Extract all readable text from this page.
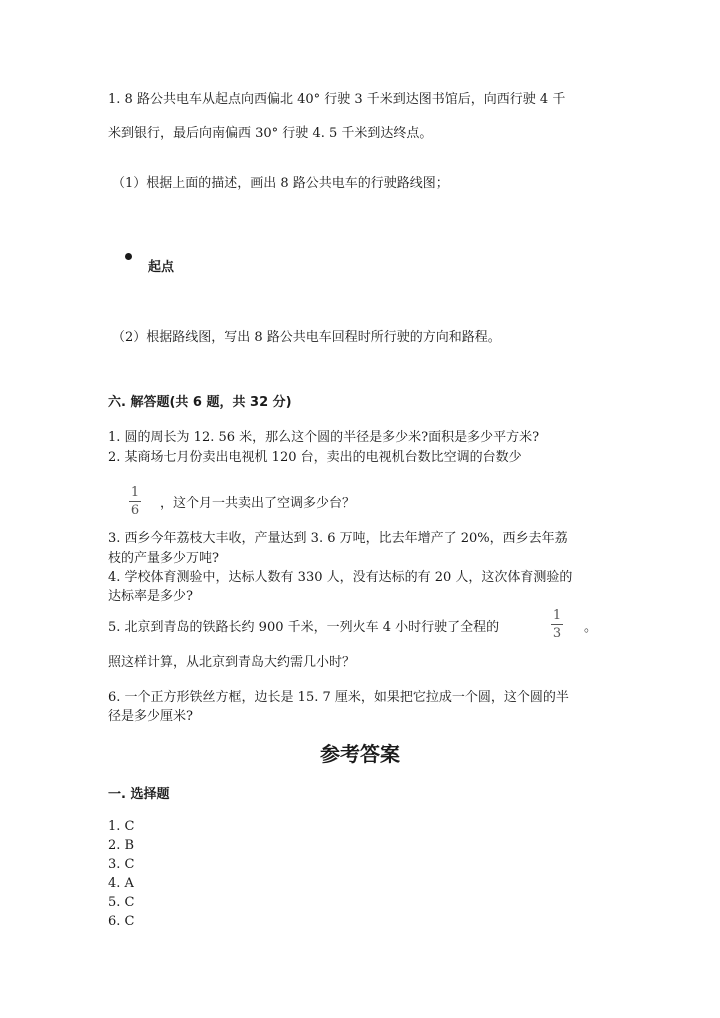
1. 8 路公共电车从起点向西偏北 40° 行驶 3 千米到达图书馆后，向西行驶 4 千
米到银行，最后向南偏西 30° 行驶 4. 5 千米到达终点。
（1）根据上面的描述，画出 8 路公共电车的行驶路线图；
起点
（2）根据路线图，写出 8 路公共电车回程时所行驶的方向和路程。
六. 解答题(共 6 题，共 32 分)
1. 圆的周长为 12. 56 米，那么这个圆的半径是多少米?面积是多少平方米?
2. 某商场七月份卖出电视机 120 台，卖出的电视机台数比空调的台数少
1
6 ，这个月一共卖出了空调多少台？
3. 西乡今年荔枝大丰收，产量达到 3. 6 万吨，比去年增产了 20%，西乡去年荔
枝的产量多少万吨?
4. 学校体育测验中，达标人数有 330 人，没有达标的有 20 人，这次体育测验的
达标率是多少?
5. 北京到青岛的铁路长约 900 千米，一列火车 4 小时行驶了全程的
1
3 。
照这样计算，从北京到青岛大约需几小时？
6. 一个正方形铁丝方框，边长是 15. 7 厘米，如果把它拉成一个圆，这个圆的半
径是多少厘米?
参考答案
一. 选择题
1. C
2. B
3. C
4. A
5. C
6. C
